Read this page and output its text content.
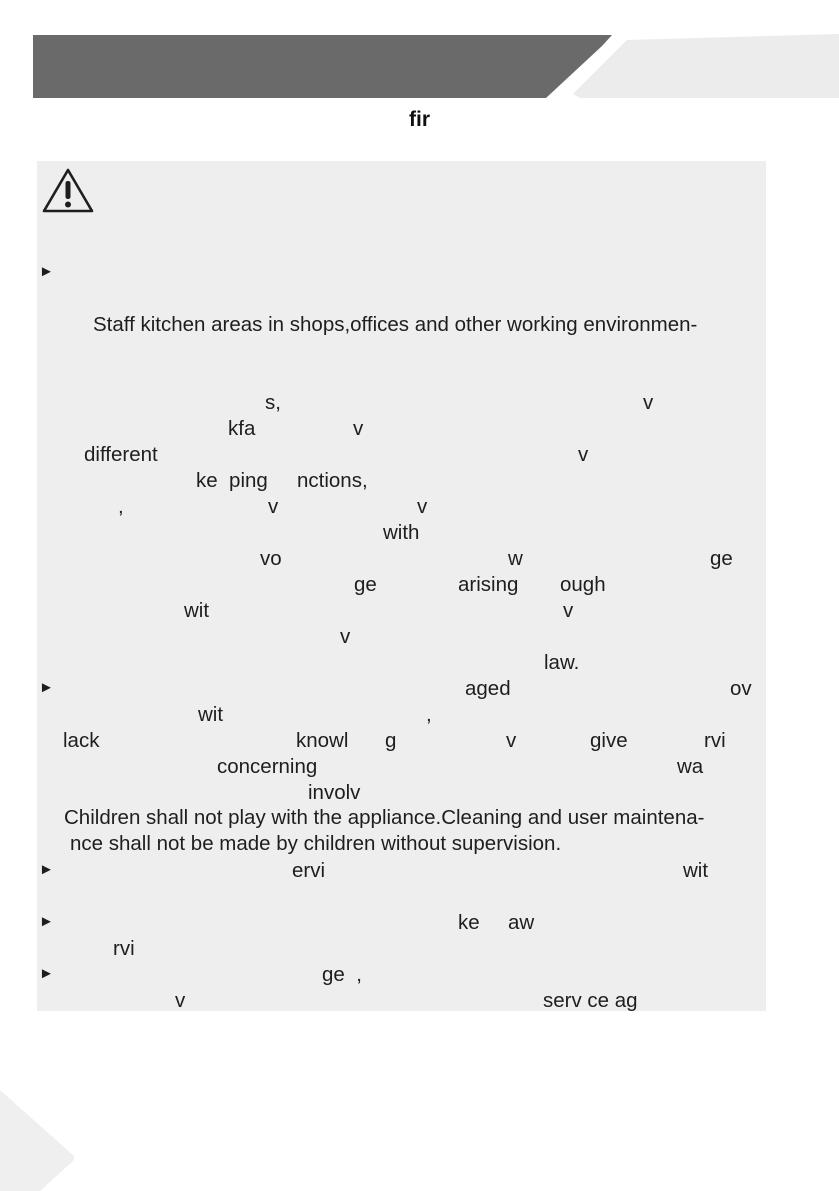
fir
►
►
►
►
►
Staff kitchen areas in shops,offices and other working environmen-
s,	v
kfa	v
different	v
ke  ping nctions,
,	v	v
with
vo	w	ge
ge	arising ough
wit	v
v
law.
aged	ov
wit	,
lack	knowl g	v	give	rvi
concerning	wa
involv
Children shall not play with the appliance.Cleaning and user maintena-
nce shall not be made by children without supervision.
ervi	wit
ke aw
rvi
ge  ,
v	serv ce ag
